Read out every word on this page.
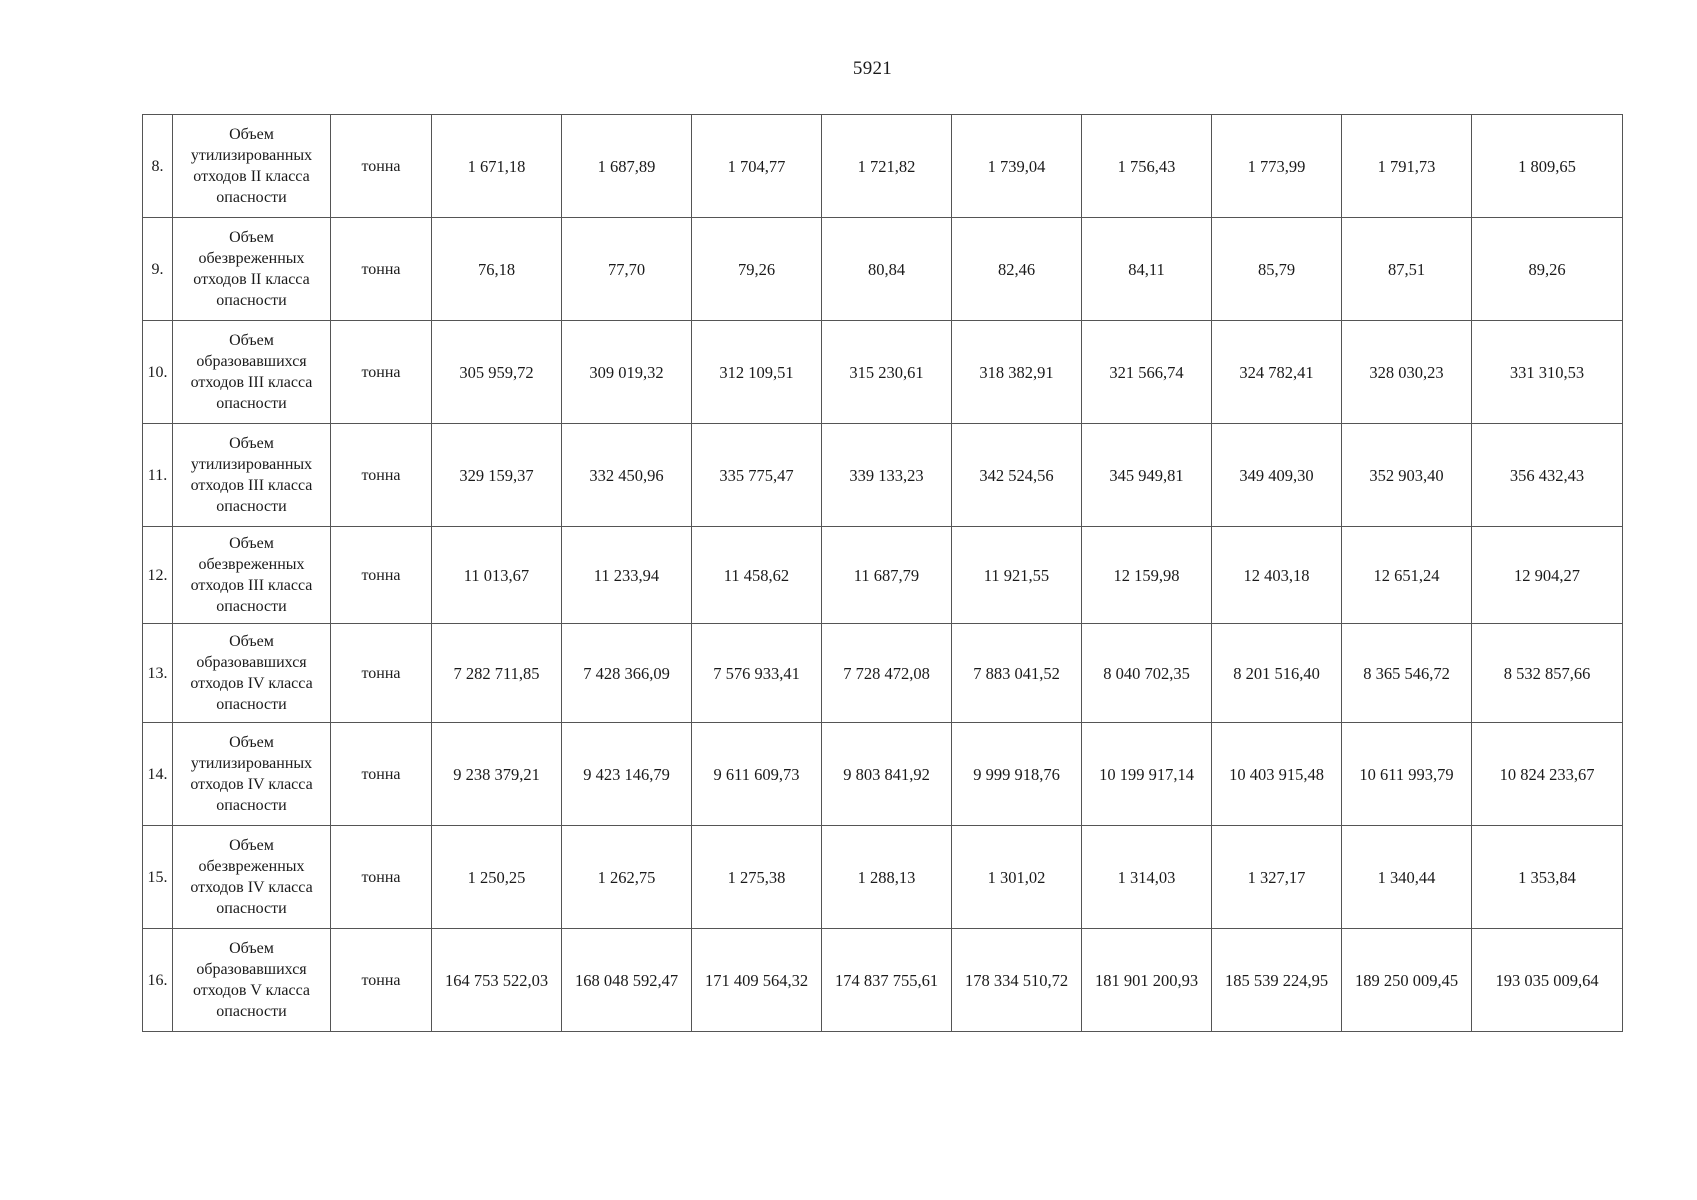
5921
8.	Объем утилизированных отходов II класса опасности	тонна	1 671,18	1 687,89	1 704,77	1 721,82	1 739,04	1 756,43	1 773,99	1 791,73	1 809,65
9.	Объем обезвреженных отходов II класса опасности	тонна	76,18	77,70	79,26	80,84	82,46	84,11	85,79	87,51	89,26
10.	Объем образовавшихся отходов III класса опасности	тонна	305 959,72	309 019,32	312 109,51	315 230,61	318 382,91	321 566,74	324 782,41	328 030,23	331 310,53
11.	Объем утилизированных отходов III класса опасности	тонна	329 159,37	332 450,96	335 775,47	339 133,23	342 524,56	345 949,81	349 409,30	352 903,40	356 432,43
12.	Объем обезвреженных отходов III класса опасности	тонна	11 013,67	11 233,94	11 458,62	11 687,79	11 921,55	12 159,98	12 403,18	12 651,24	12 904,27
13.	Объем образовавшихся отходов IV класса опасности	тонна	7 282 711,85	7 428 366,09	7 576 933,41	7 728 472,08	7 883 041,52	8 040 702,35	8 201 516,40	8 365 546,72	8 532 857,66
14.	Объем утилизированных отходов IV класса опасности	тонна	9 238 379,21	9 423 146,79	9 611 609,73	9 803 841,92	9 999 918,76	10 199 917,14	10 403 915,48	10 611 993,79	10 824 233,67
15.	Объем обезвреженных отходов IV класса опасности	тонна	1 250,25	1 262,75	1 275,38	1 288,13	1 301,02	1 314,03	1 327,17	1 340,44	1 353,84
16.	Объем образовавшихся отходов V класса опасности	тонна	164 753 522,03	168 048 592,47	171 409 564,32	174 837 755,61	178 334 510,72	181 901 200,93	185 539 224,95	189 250 009,45	193 035 009,64
